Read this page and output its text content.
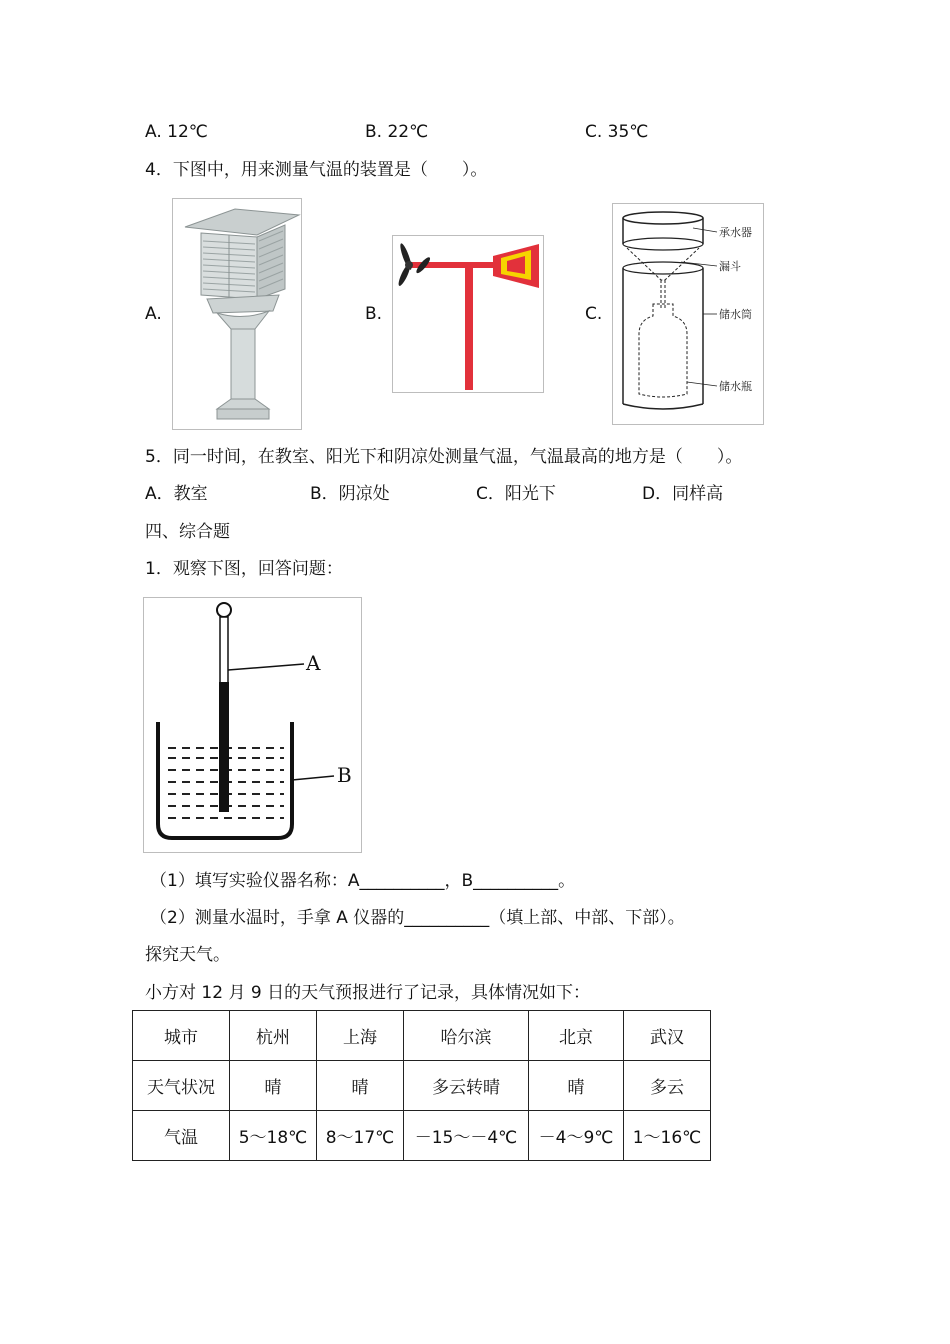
A. 12℃	B. 22℃	C. 35℃
4．下图中，用来测量气温的装置是（　　）。
A.	B.	C.
承水器
漏斗
储水筒
储水瓶
5．同一时间，在教室、阳光下和阴凉处测量气温，气温最高的地方是（　　）。
A．教室	B．阴凉处	C．阳光下	D．同样高
四、综合题
1．观察下图，回答问题：
A
B
（1）填写实验仪器名称：A__________，B__________。
（2）测量水温时，手拿 A 仪器的__________（填上部、中部、下部）。
探究天气。
小方对 12 月 9 日的天气预报进行了记录，具体情况如下：
城市	杭州	上海	哈尔滨	北京	武汉
天气状况	晴	晴	多云转晴	晴	多云
气温	5～18℃	8～17℃	－15～－4℃	－4～9℃	1～16℃
